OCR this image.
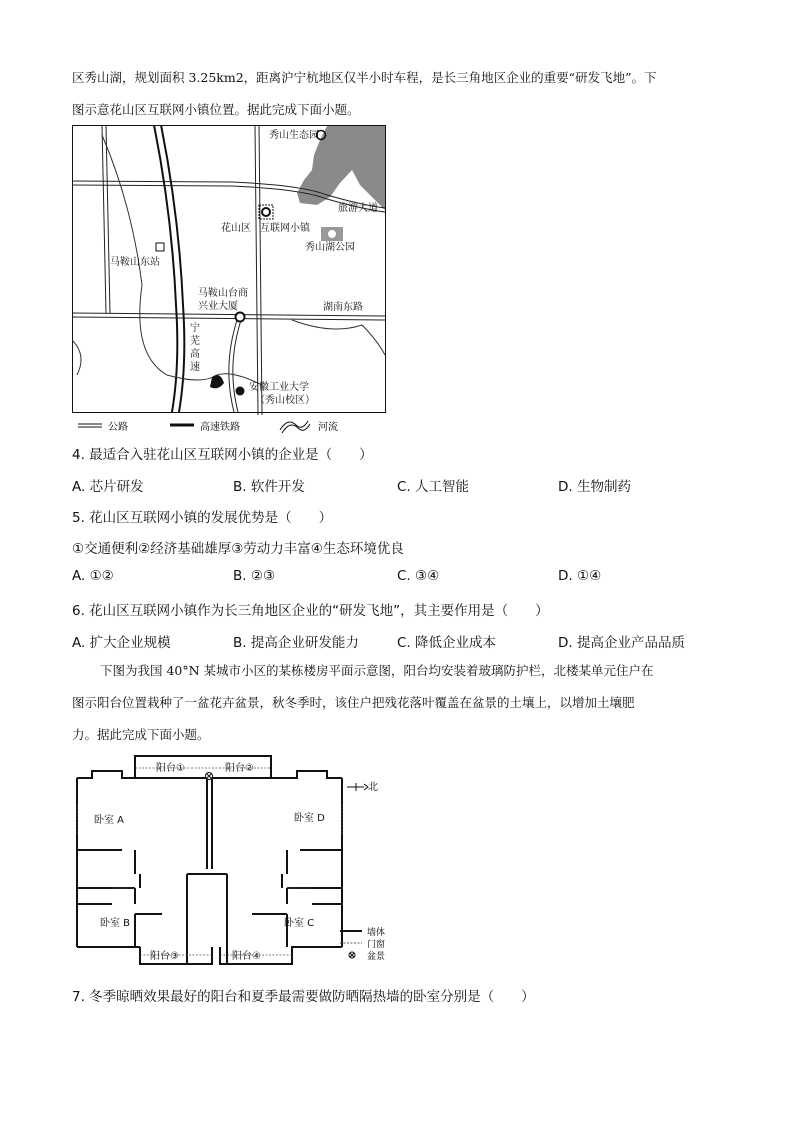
区秀山湖，规划面积 3.25km2，距离沪宁杭地区仅半小时车程，是长三角地区企业的重要“研发飞地”。下
图示意花山区互联网小镇位置。据此完成下面小题。
秀山生态园
旅游大道
花山区 互联网小镇
秀山湖公园
马鞍山东站
马鞍山台商
兴业大厦	湖南东路
宁
芜
高
速
安徽工业大学
（秀山校区）
公路	高速铁路	河流
4. 最适合入驻花山区互联网小镇的企业是（　　）
A. 芯片研发	B. 软件开发	C. 人工智能	D. 生物制药
5. 花山区互联网小镇的发展优势是（　　）
①交通便利②经济基础雄厚③劳动力丰富④生态环境优良
A. ①②	B. ②③	C. ③④	D. ①④
6. 花山区互联网小镇作为长三角地区企业的“研发飞地”，其主要作用是（　　）
A. 扩大企业规模	B. 提高企业研发能力	C. 降低企业成本	D. 提高企业产品品质
下图为我国 40°N 某城市小区的某栋楼房平面示意图，阳台均安装着玻璃防护栏，北楼某单元住户在
图示阳台位置栽种了一盆花卉盆景，秋冬季时，该住户把残花落叶覆盖在盆景的土壤上，以增加土壤肥
力。据此完成下面小题。
阳台①	阳台②
阳台③	阳台④
卧室 A	卧室 D
卧室 B	卧室 C
北
墙体
门窗
盆景
7. 冬季晾晒效果最好的阳台和夏季最需要做防晒隔热墙的卧室分别是（　　）
